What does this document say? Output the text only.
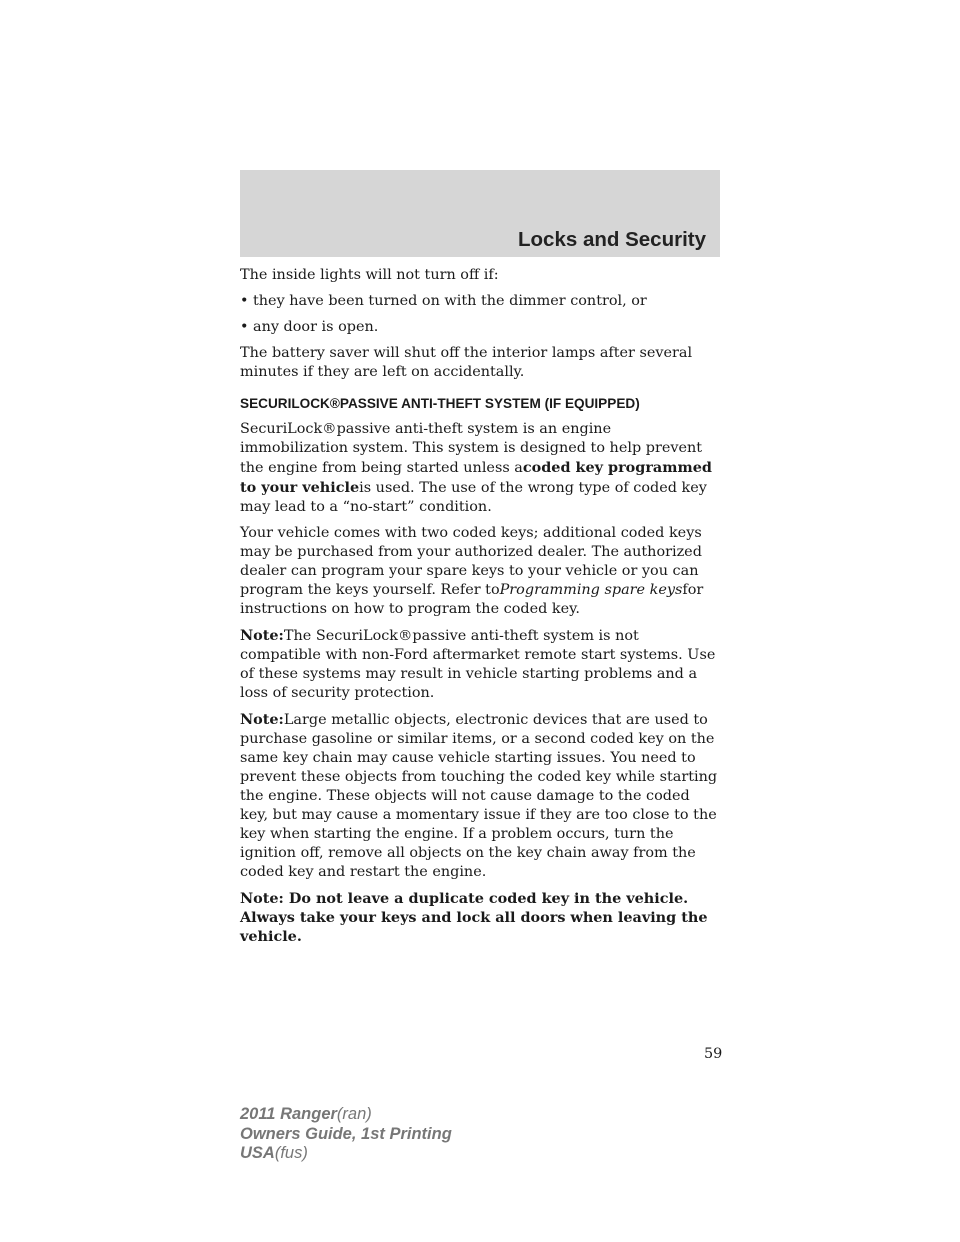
Locks and Security

The inside lights will not turn off if:

• they have been turned on with the dimmer control, or
• any door is open.

The battery saver will shut off the interior lamps after several minutes if they are left on accidentally.

SECURILOCK®PASSIVE ANTI-THEFT SYSTEM (IF EQUIPPED)

SecuriLock®passive anti-theft system is an engine immobilization system. This system is designed to help prevent the engine from being started unless acoded key programmed to your vehicleis used. The use of the wrong type of coded key may lead to a “no-start” condition.

Your vehicle comes with two coded keys; additional coded keys may be purchased from your authorized dealer. The authorized dealer can program your spare keys to your vehicle or you can program the keys yourself. Refer toProgramming spare keysfor instructions on how to program the coded key.

Note:The SecuriLock®passive anti-theft system is not compatible with non-Ford aftermarket remote start systems. Use of these systems may result in vehicle starting problems and a loss of security protection.

Note:Large metallic objects, electronic devices that are used to purchase gasoline or similar items, or a second coded key on the same key chain may cause vehicle starting issues. You need to prevent these objects from touching the coded key while starting the engine. These objects will not cause damage to the coded key, but may cause a momentary issue if they are too close to the key when starting the engine. If a problem occurs, turn the ignition off, remove all objects on the key chain away from the coded key and restart the engine.

Note: Do not leave a duplicate coded key in the vehicle. Always take your keys and lock all doors when leaving the vehicle.

59
2011 Ranger(ran)
Owners Guide, 1st Printing
USA(fus)
